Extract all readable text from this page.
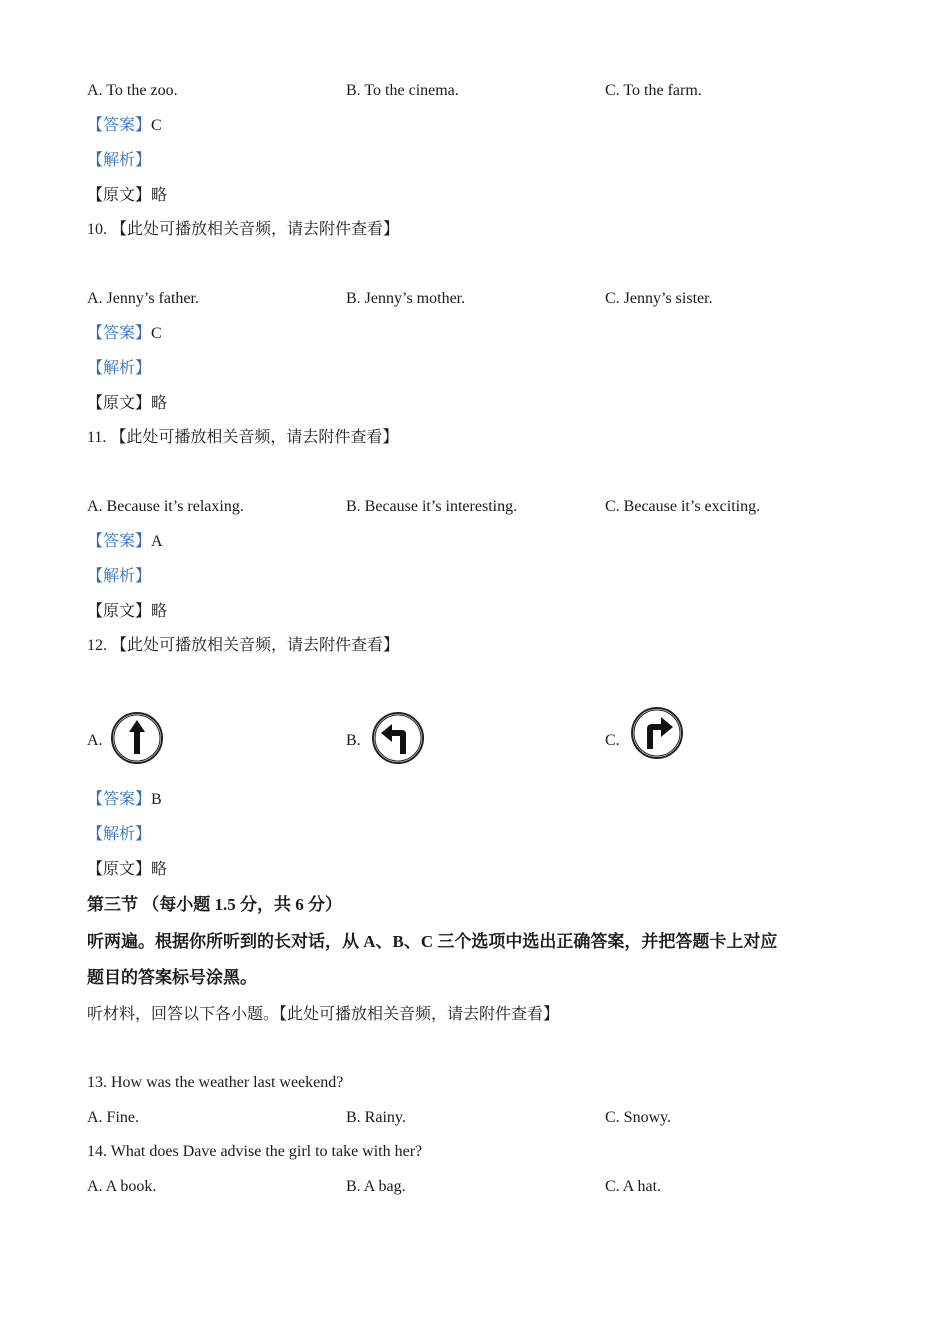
A. To the zoo.	B. To the cinema.	C. To the farm.
【答案】C
【解析】
【原文】略
10. 【此处可播放相关音频，请去附件查看】
A. Jenny’s father.	B. Jenny’s mother.	C. Jenny’s sister.
【答案】C
【解析】
【原文】略
11. 【此处可播放相关音频，请去附件查看】
A. Because it’s relaxing.	B. Because it’s interesting.	C. Because it’s exciting.
【答案】A
【解析】
【原文】略
12. 【此处可播放相关音频，请去附件查看】
A.	B.	C.
【答案】B
【解析】
【原文】略
第三节 （每小题 1.5 分，共 6 分）
听两遍。根据你所听到的长对话，从 A、B、C 三个选项中选出正确答案，并把答题卡上对应
题目的答案标号涂黑。
听材料，回答以下各小题。【此处可播放相关音频，请去附件查看】
13. How was the weather last weekend?
A. Fine.	B. Rainy.	C. Snowy.
14. What does Dave advise the girl to take with her?
A. A book.	B. A bag.	C. A hat.
